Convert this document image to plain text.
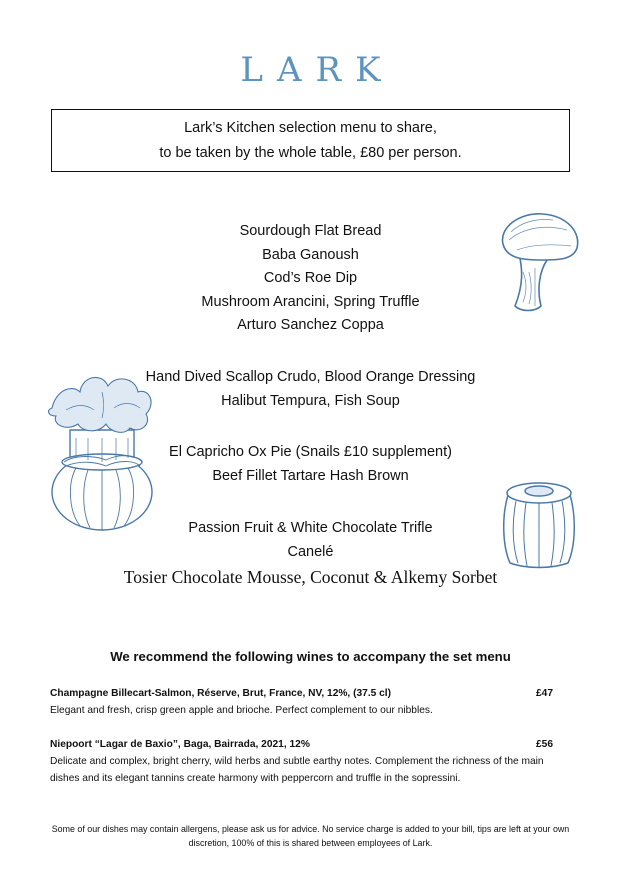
LARK
Lark’s Kitchen selection menu to share,
to be taken by the whole table, £80 per person.
Sourdough Flat Bread
Baba Ganoush
Cod’s Roe Dip
Mushroom Arancini, Spring Truffle
Arturo Sanchez Coppa
Hand Dived Scallop Crudo, Blood Orange Dressing
Halibut Tempura, Fish Soup
El Capricho Ox Pie (Snails £10 supplement)
Beef Fillet Tartare Hash Brown
Passion Fruit & White Chocolate Trifle
Canelé
Tosier Chocolate Mousse, Coconut & Alkemy Sorbet
We recommend the following wines to accompany the set menu
Champagne Billecart-Salmon, Réserve, Brut, France, NV, 12%, (37.5 cl)	£47
Elegant and fresh, crisp green apple and brioche. Perfect complement to our nibbles.
Niepoort “Lagar de Baxio”, Baga, Bairrada, 2021, 12%	£56
Delicate and complex, bright cherry, wild herbs and subtle earthy notes. Complement the richness of the main dishes and its elegant tannins create harmony with peppercorn and truffle in the sopressini.
Some of our dishes may contain allergens, please ask us for advice. No service charge is added to your bill, tips are left at your own discretion, 100% of this is shared between employees of Lark.
